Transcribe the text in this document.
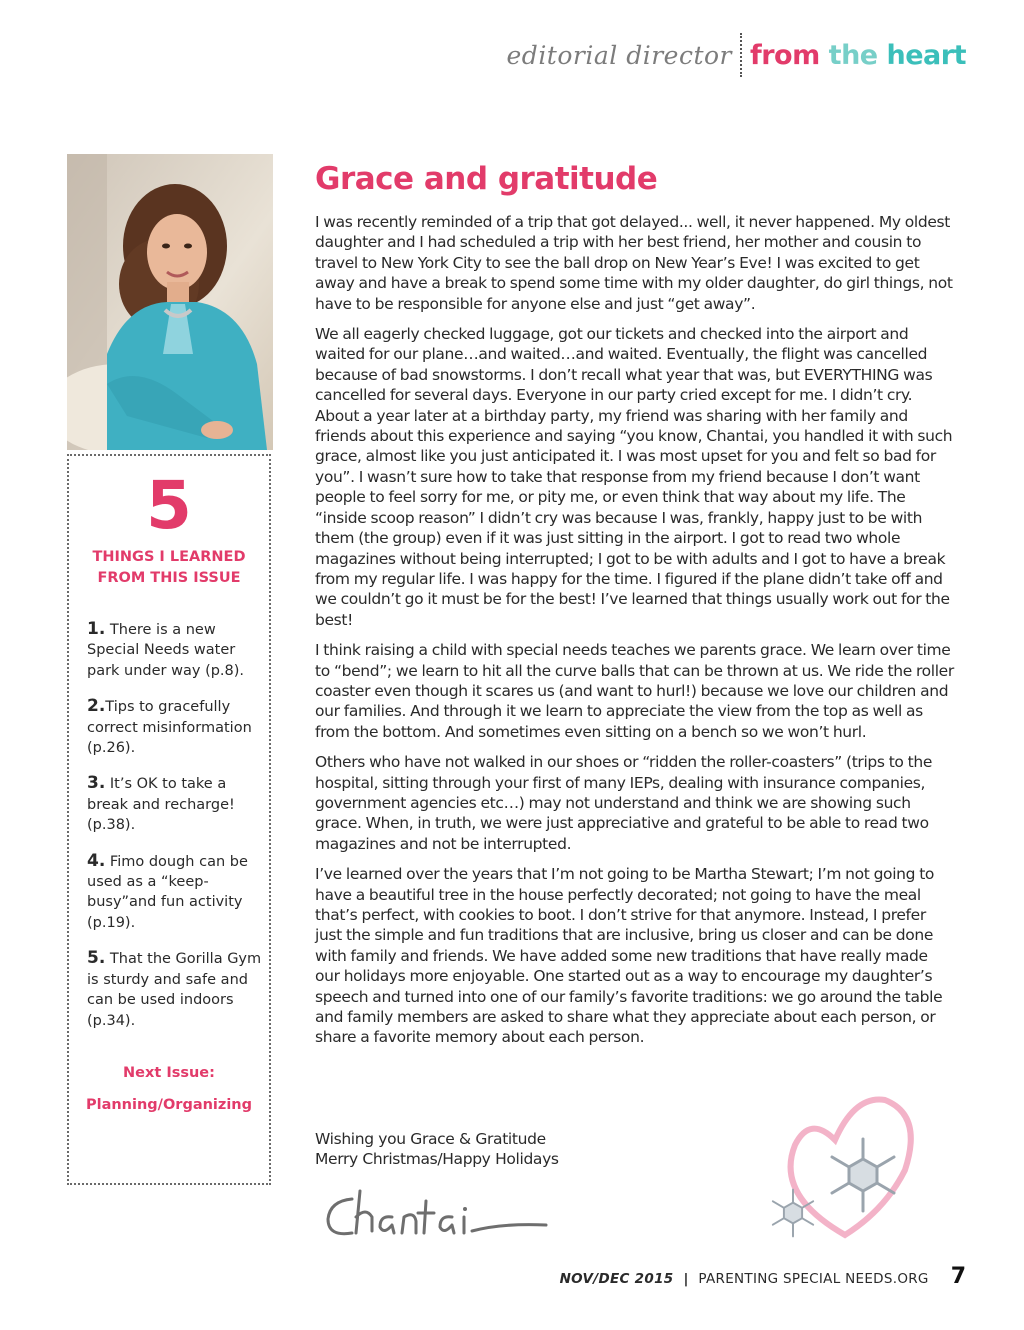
editorial director from the heart
5
THINGS I LEARNED
FROM THIS ISSUE
1. There is a new Special Needs water park under way (p.8).
2.Tips to gracefully correct misinformation (p.26).
3. It’s OK to take a break and recharge! (p.38).
4. Fimo dough can be used as a “keep-busy”and fun activity (p.19).
5. That the Gorilla Gym is sturdy and safe and can be used indoors (p.34).
Next Issue:
Planning/Organizing
Grace and gratitude

I was recently reminded of a trip that got delayed... well, it never happened. My oldest daughter and I had scheduled a trip with her best friend, her mother and cousin to travel to New York City to see the ball drop on New Year’s Eve! I was excited to get away and have a break to spend some time with my older daughter, do girl things, not have to be responsible for anyone else and just “get away”.

We all eagerly checked luggage, got our tickets and checked into the airport and waited for our plane…and waited…and waited. Eventually, the flight was cancelled because of bad snowstorms. I don’t recall what year that was, but EVERYTHING was cancelled for several days. Everyone in our party cried except for me. I didn’t cry. About a year later at a birthday party, my friend was sharing with her family and friends about this experience and saying “you know, Chantai, you handled it with such grace, almost like you just anticipated it. I was most upset for you and felt so bad for you”. I wasn’t sure how to take that response from my friend because I don’t want people to feel sorry for me, or pity me, or even think that way about my life. The “inside scoop reason” I didn’t cry was because I was, frankly, happy just to be with them (the group) even if it was just sitting in the airport. I got to read two whole magazines without being interrupted; I got to be with adults and I got to have a break from my regular life. I was happy for the time. I figured if the plane didn’t take off and we couldn’t go it must be for the best! I’ve learned that things usually work out for the best!

I think raising a child with special needs teaches we parents grace. We learn over time to “bend”; we learn to hit all the curve balls that can be thrown at us. We ride the roller coaster even though it scares us (and want to hurl!) because we love our children and our families. And through it we learn to appreciate the view from the top as well as from the bottom. And sometimes even sitting on a bench so we won’t hurl.

Others who have not walked in our shoes or “ridden the roller-coasters” (trips to the hospital, sitting through your first of many IEPs, dealing with insurance companies, government agencies etc…) may not understand and think we are showing such grace. When, in truth, we were just appreciative and grateful to be able to read two magazines and not be interrupted.

I’ve learned over the years that I’m not going to be Martha Stewart; I’m not going to have a beautiful tree in the house perfectly decorated; not going to have the meal that’s perfect, with cookies to boot. I don’t strive for that anymore. Instead, I prefer just the simple and fun traditions that are inclusive, bring us closer and can be done with family and friends. We have added some new traditions that have really made our holidays more enjoyable. One started out as a way to encourage my daughter’s speech and turned into one of our family’s favorite traditions: we go around the table and family members are asked to share what they appreciate about each person, or share a favorite memory about each person.

Wishing you Grace & Gratitude
Merry Christmas/Happy Holidays
NOV/DEC 2015 | PARENTING SPECIAL NEEDS.ORG 7
